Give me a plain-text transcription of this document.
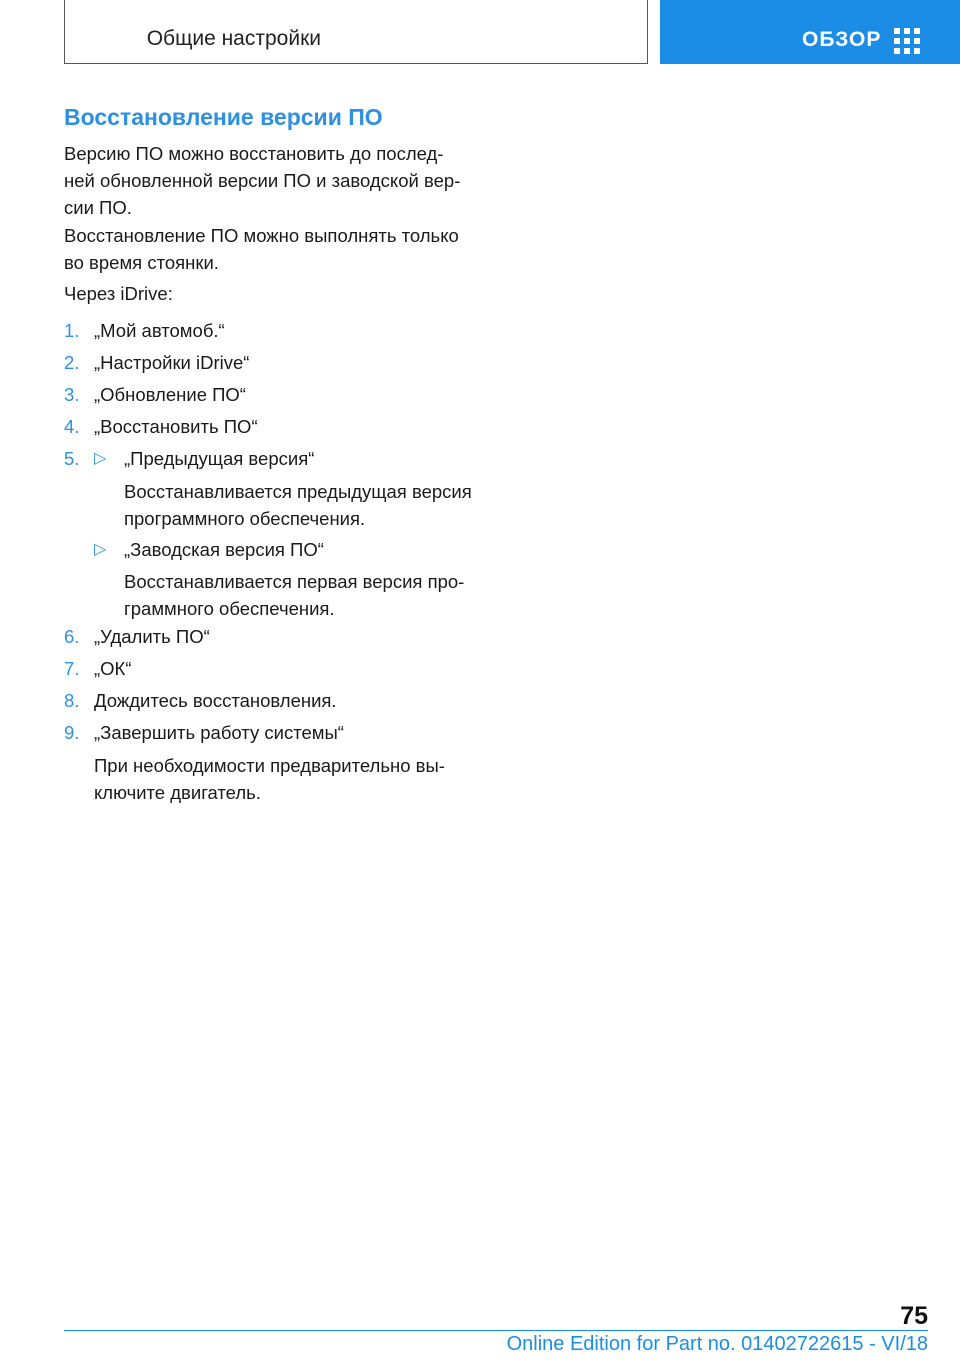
Общие настройки	ОБЗОР
Восстановление версии ПО
Версию ПО можно восстановить до послед-
ней обновленной версии ПО и заводской вер-
сии ПО.
Восстановление ПО можно выполнять только
во время стоянки.
Через iDrive:
1. „Мой автомоб.“
2. „Настройки iDrive“
3. „Обновление ПО“
4. „Восстановить ПО“
5. ▷ „Предыдущая версия“
Восстанавливается предыдущая версия
программного обеспечения.
▷ „Заводская версия ПО“
Восстанавливается первая версия про-
граммного обеспечения.
6. „Удалить ПО“
7. „ОК“
8. Дождитесь восстановления.
9. „Завершить работу системы“
При необходимости предварительно вы-
ключите двигатель.
75
Online Edition for Part no. 01402722615 - VI/18
